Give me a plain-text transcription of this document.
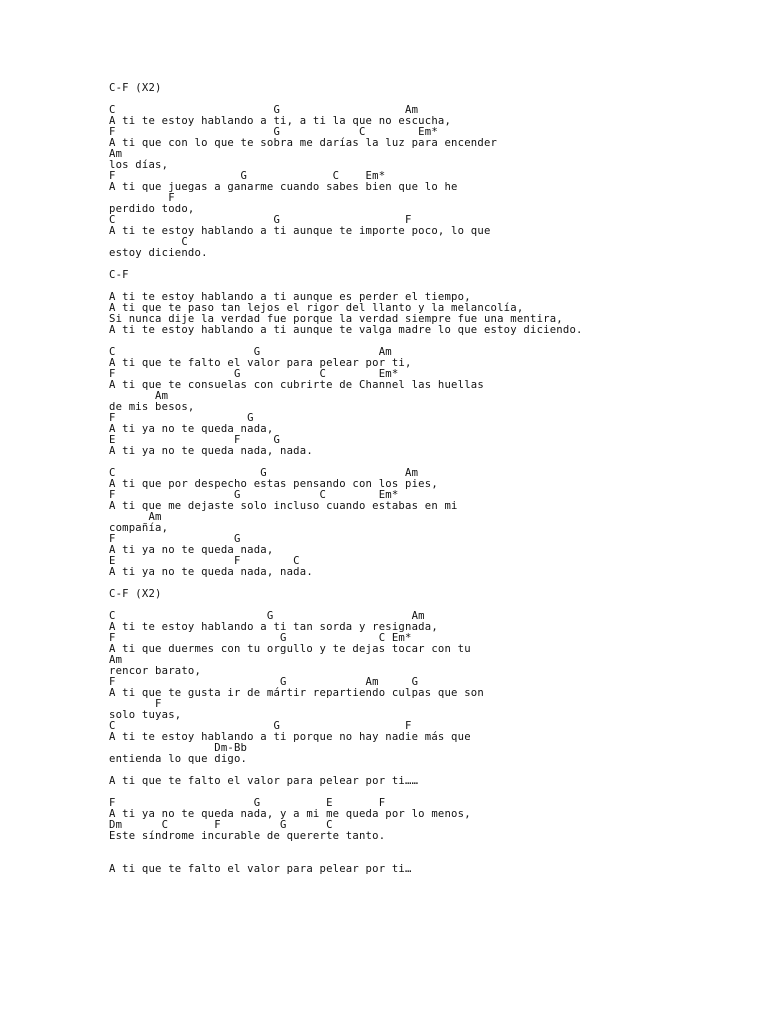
C-F (X2)
C                        G                   Am
A ti te estoy hablando a ti, a ti la que no escucha,
F                        G            C        Em*
A ti que con lo que te sobra me darías la luz para encender
Am
los días,
F                   G             C    Em*
A ti que juegas a ganarme cuando sabes bien que lo he
F
perdido todo,
C                        G                   F
A ti te estoy hablando a ti aunque te importe poco, lo que
C
estoy diciendo.
C-F
A ti te estoy hablando a ti aunque es perder el tiempo,
A ti que te paso tan lejos el rigor del llanto y la melancolía,
Si nunca dije la verdad fue porque la verdad siempre fue una mentira,
A ti te estoy hablando a ti aunque te valga madre lo que estoy diciendo.
C                     G                  Am
A ti que te falto el valor para pelear por ti,
F                  G            C        Em*
A ti que te consuelas con cubrirte de Channel las huellas
Am
de mis besos,
F                    G
A ti ya no te queda nada,
E                  F     G
A ti ya no te queda nada, nada.
C                      G                     Am
A ti que por despecho estas pensando con los pies,
F                  G            C        Em*
A ti que me dejaste solo incluso cuando estabas en mi
Am
compañía,
F                  G
A ti ya no te queda nada,
E                  F        C
A ti ya no te queda nada, nada.
C-F (X2)
C                       G                     Am
A ti te estoy hablando a ti tan sorda y resignada,
F                         G              C Em*
A ti que duermes con tu orgullo y te dejas tocar con tu
Am
rencor barato,
F                         G            Am     G
A ti que te gusta ir de mártir repartiendo culpas que son
F
solo tuyas,
C                        G                   F
A ti te estoy hablando a ti porque no hay nadie más que
Dm-Bb
entienda lo que digo.
A ti que te falto el valor para pelear por ti……
F                     G          E       F
A ti ya no te queda nada, y a mi me queda por lo menos,
Dm      C       F         G      C
Este síndrome incurable de quererte tanto.
A ti que te falto el valor para pelear por ti…
